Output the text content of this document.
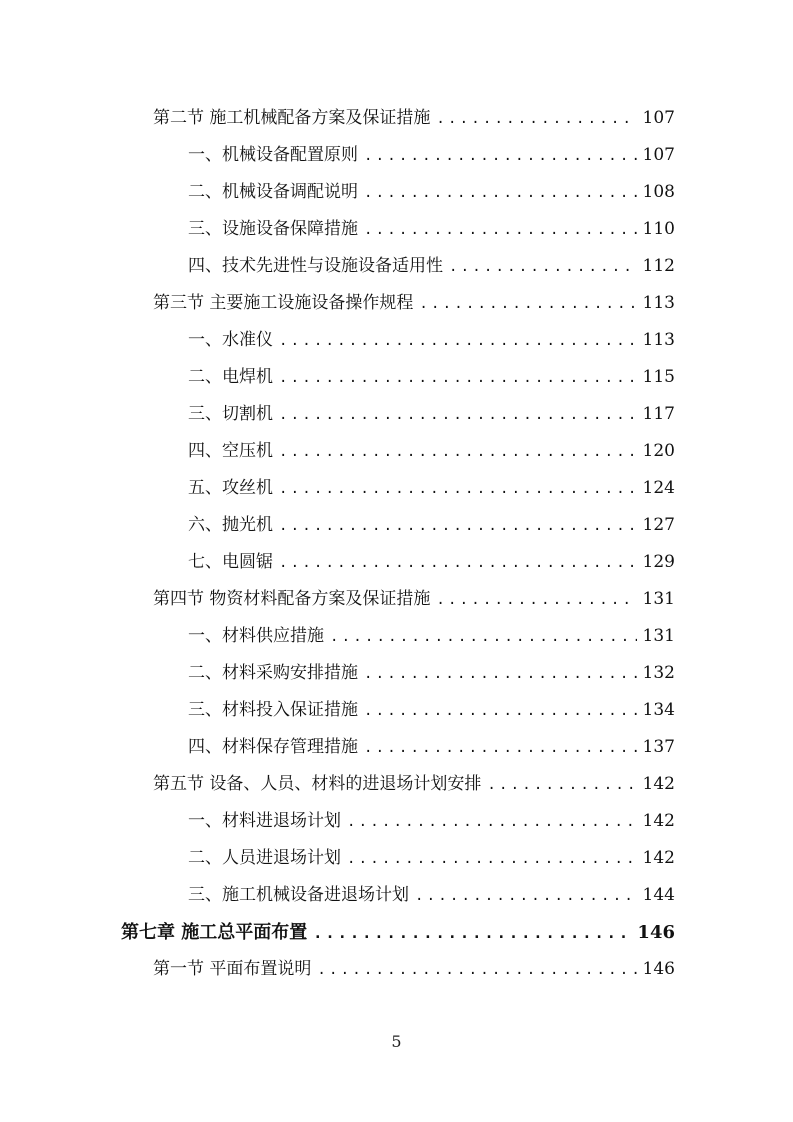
第二节 施工机械配备方案及保证措施 .....	107
一、机械设备配置原则 .....	107
二、机械设备调配说明 .....	108
三、设施设备保障措施 .....	110
四、技术先进性与设施设备适用性 .....	112
第三节 主要施工设施设备操作规程 .....	113
一、水准仪 .....	113
二、电焊机 .....	115
三、切割机 .....	117
四、空压机 .....	120
五、攻丝机 .....	124
六、抛光机 .....	127
七、电圆锯 .....	129
第四节 物资材料配备方案及保证措施 .....	131
一、材料供应措施 .....	131
二、材料采购安排措施 .....	132
三、材料投入保证措施 .....	134
四、材料保存管理措施 .....	137
第五节 设备、人员、材料的进退场计划安排 .....	142
一、材料进退场计划 .....	142
二、人员进退场计划 .....	142
三、施工机械设备进退场计划 .....	144
第七章 施工总平面布置 .....	146
第一节 平面布置说明 .....	146
5
